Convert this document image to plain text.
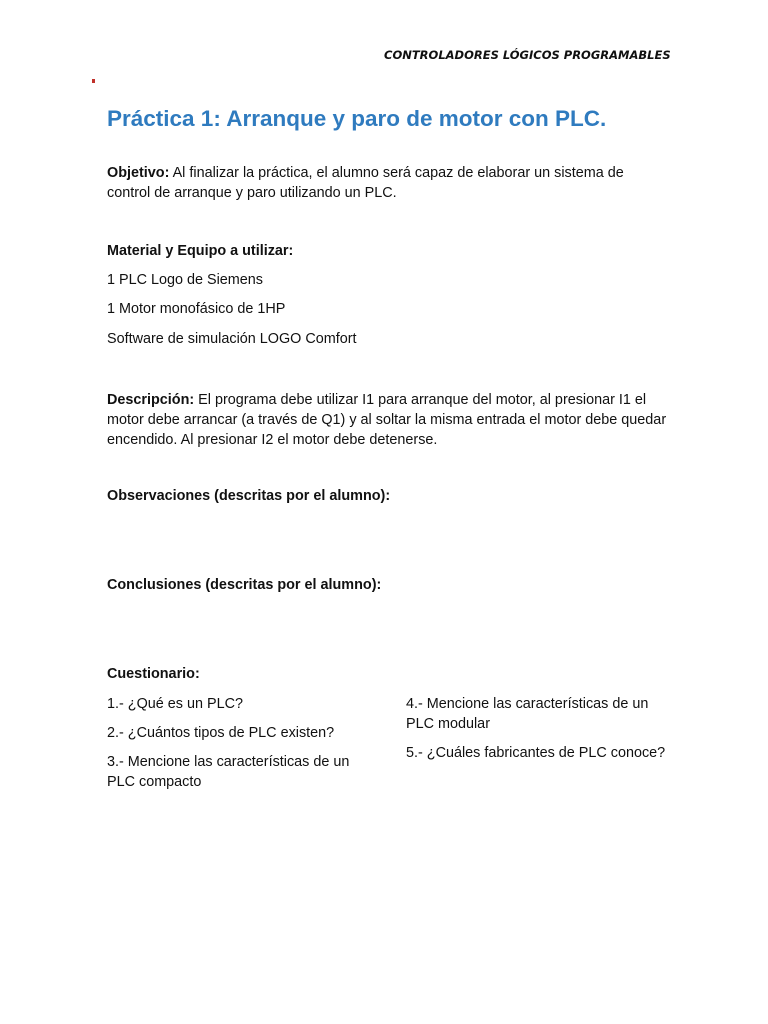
CONTROLADORES LÓGICOS PROGRAMABLES
Práctica 1: Arranque y paro de motor con PLC.

Objetivo: Al finalizar la práctica, el alumno será capaz de elaborar un sistema de control de arranque y paro utilizando un PLC.

Material y Equipo a utilizar:

1 PLC Logo de Siemens

1 Motor monofásico de 1HP

Software de simulación LOGO Comfort

Descripción: El programa debe utilizar I1 para arranque del motor, al presionar I1 el motor debe arrancar (a través de Q1) y al soltar la misma entrada el motor debe quedar encendido. Al presionar I2 el motor debe detenerse.

Observaciones (descritas por el alumno):

Conclusiones (descritas por el alumno):

Cuestionario:

1.- ¿Qué es un PLC?

2.- ¿Cuántos tipos de PLC existen?

3.- Mencione las características de un PLC compacto

4.- Mencione las características de un PLC modular

5.- ¿Cuáles fabricantes de PLC conoce?
